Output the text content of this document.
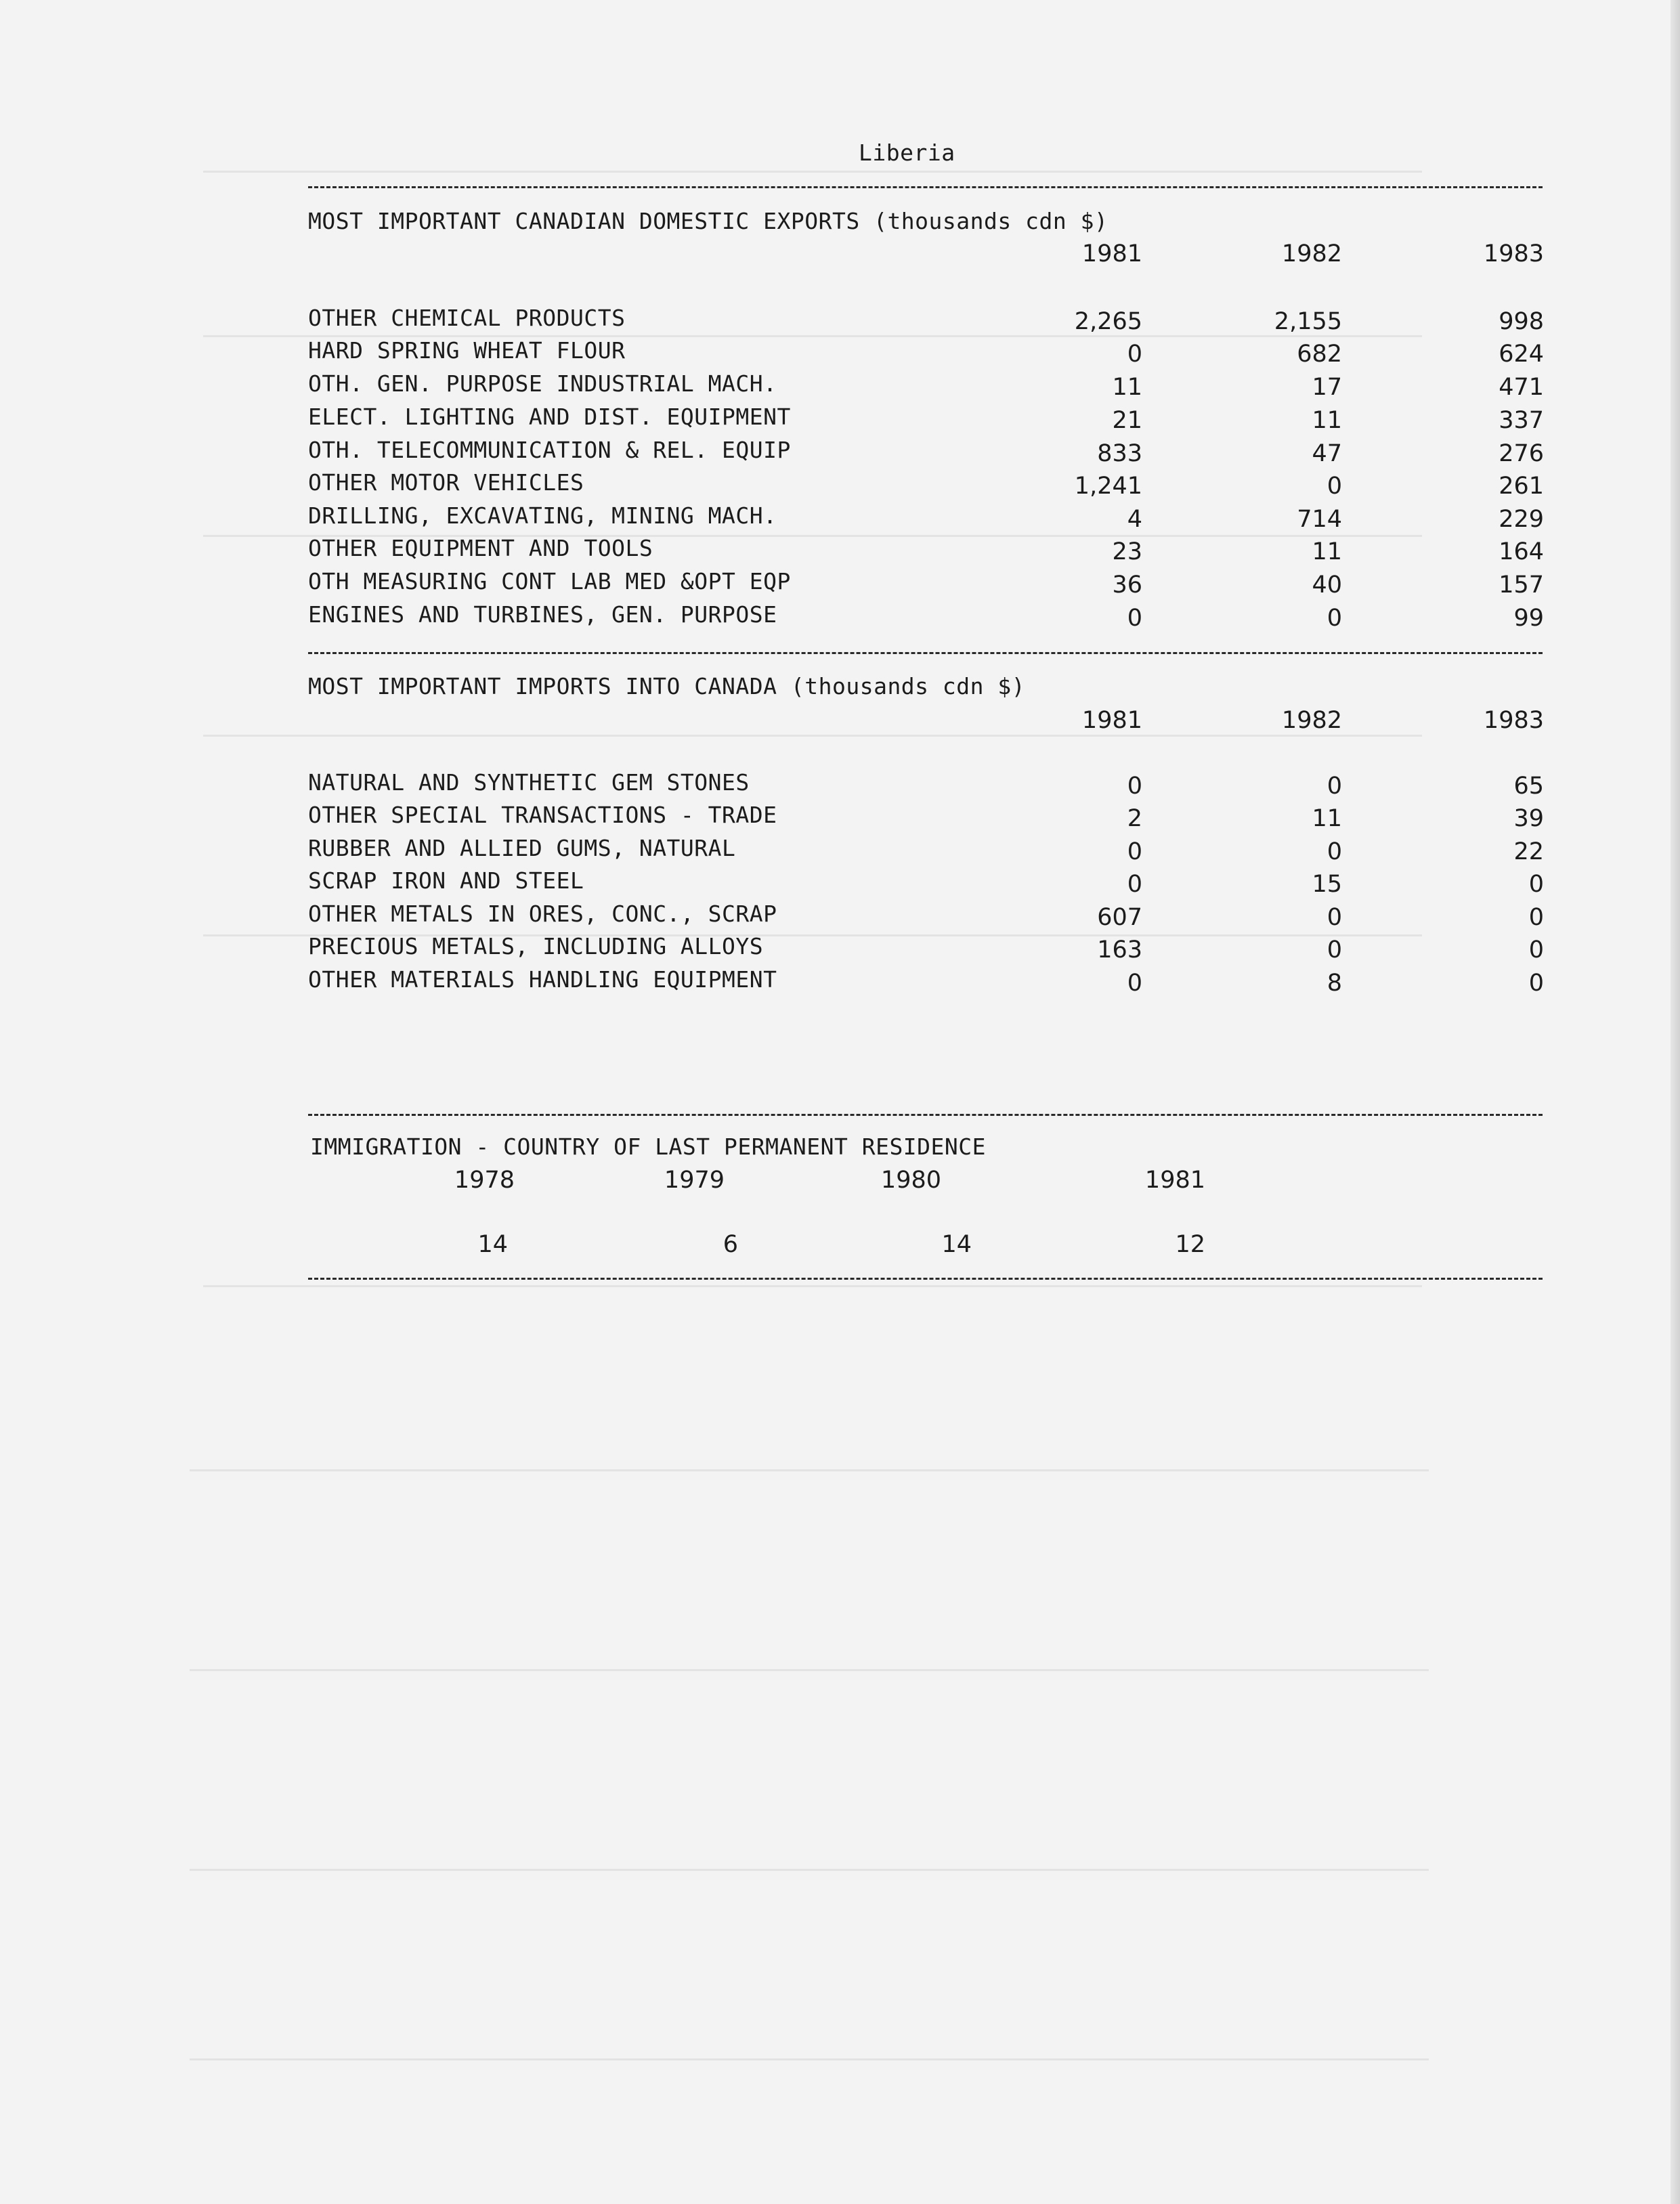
Liberia
MOST IMPORTANT CANADIAN DOMESTIC EXPORTS (thousands cdn $)
1981	1982	1983
OTHER CHEMICAL PRODUCTS	2,265	2,155	998
HARD SPRING WHEAT FLOUR	0	682	624
OTH. GEN. PURPOSE INDUSTRIAL MACH.	11	17	471
ELECT. LIGHTING AND DIST. EQUIPMENT	21	11	337
OTH. TELECOMMUNICATION & REL. EQUIP	833	47	276
OTHER MOTOR VEHICLES	1,241	0	261
DRILLING, EXCAVATING, MINING MACH.	4	714	229
OTHER EQUIPMENT AND TOOLS	23	11	164
OTH MEASURING CONT LAB MED &OPT EQP	36	40	157
ENGINES AND TURBINES, GEN. PURPOSE	0	0	99
MOST IMPORTANT IMPORTS INTO CANADA (thousands cdn $)
1981	1982	1983
NATURAL AND SYNTHETIC GEM STONES	0	0	65
OTHER SPECIAL TRANSACTIONS - TRADE	2	11	39
RUBBER AND ALLIED GUMS, NATURAL	0	0	22
SCRAP IRON AND STEEL	0	15	0
OTHER METALS IN ORES, CONC., SCRAP	607	0	0
PRECIOUS METALS, INCLUDING ALLOYS	163	0	0
OTHER MATERIALS HANDLING EQUIPMENT	0	8	0
IMMIGRATION - COUNTRY OF LAST PERMANENT RESIDENCE
1978	1979	1980	1981
14	6	14	12
